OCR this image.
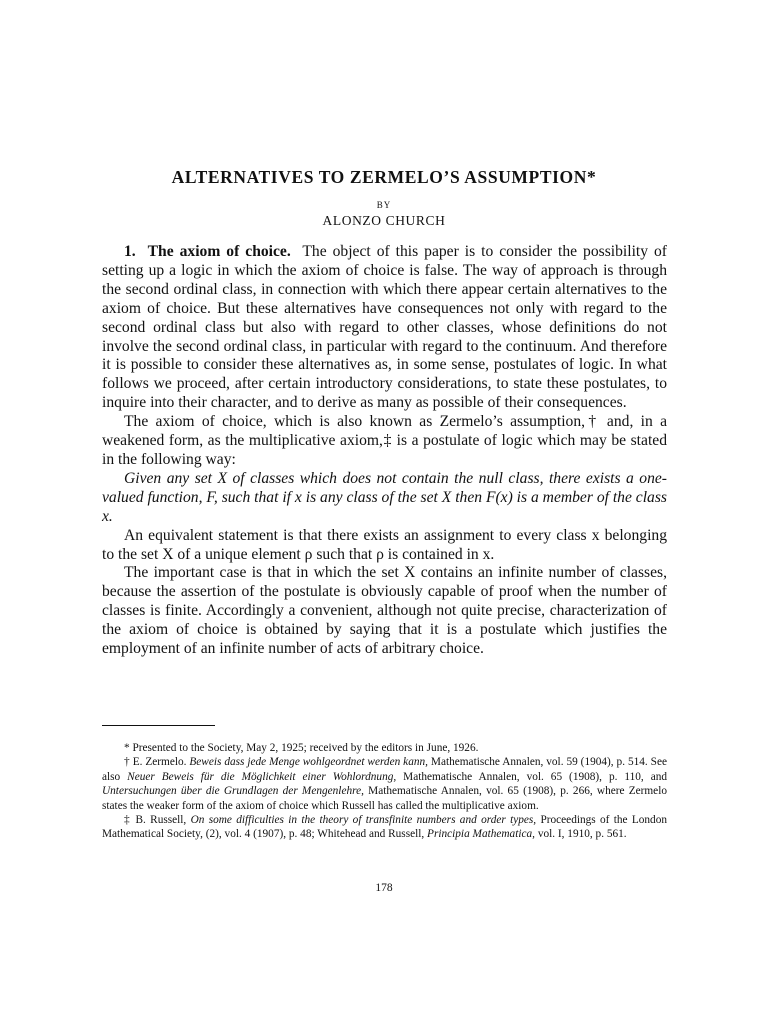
ALTERNATIVES TO ZERMELO’S ASSUMPTION*
BY
ALONZO CHURCH

1. The axiom of choice. The object of this paper is to consider the possibility of setting up a logic in which the axiom of choice is false. The way of approach is through the second ordinal class, in connection with which there appear certain alternatives to the axiom of choice. But these alternatives have consequences not only with regard to the second ordinal class but also with regard to other classes, whose definitions do not involve the second ordinal class, in particular with regard to the continuum. And therefore it is possible to consider these alternatives as, in some sense, postulates of logic. In what follows we proceed, after certain introductory considerations, to state these postulates, to inquire into their character, and to derive as many as possible of their consequences.

The axiom of choice, which is also known as Zermelo’s assumption,† and, in a weakened form, as the multiplicative axiom,‡ is a postulate of logic which may be stated in the following way:

Given any set X of classes which does not contain the null class, there exists a one-valued function, F, such that if x is any class of the set X then F(x) is a member of the class x.

An equivalent statement is that there exists an assignment to every class x belonging to the set X of a unique element ρ such that ρ is contained in x.

The important case is that in which the set X contains an infinite number of classes, because the assertion of the postulate is obviously capable of proof when the number of classes is finite. Accordingly a convenient, although not quite precise, characterization of the axiom of choice is obtained by saying that it is a postulate which justifies the employment of an infinite number of acts of arbitrary choice.

* Presented to the Society, May 2, 1925; received by the editors in June, 1926.

† E. Zermelo. Beweis dass jede Menge wohlgeordnet werden kann, Mathematische Annalen, vol. 59 (1904), p. 514. See also Neuer Beweis für die Möglichkeit einer Wohlordnung, Mathematische Annalen, vol. 65 (1908), p. 110, and Untersuchungen über die Grundlagen der Mengenlehre, Mathematische Annalen, vol. 65 (1908), p. 266, where Zermelo states the weaker form of the axiom of choice which Russell has called the multiplicative axiom.

‡ B. Russell, On some difficulties in the theory of transfinite numbers and order types, Proceedings of the London Mathematical Society, (2), vol. 4 (1907), p. 48; Whitehead and Russell, Principia Mathematica, vol. I, 1910, p. 561.

178
